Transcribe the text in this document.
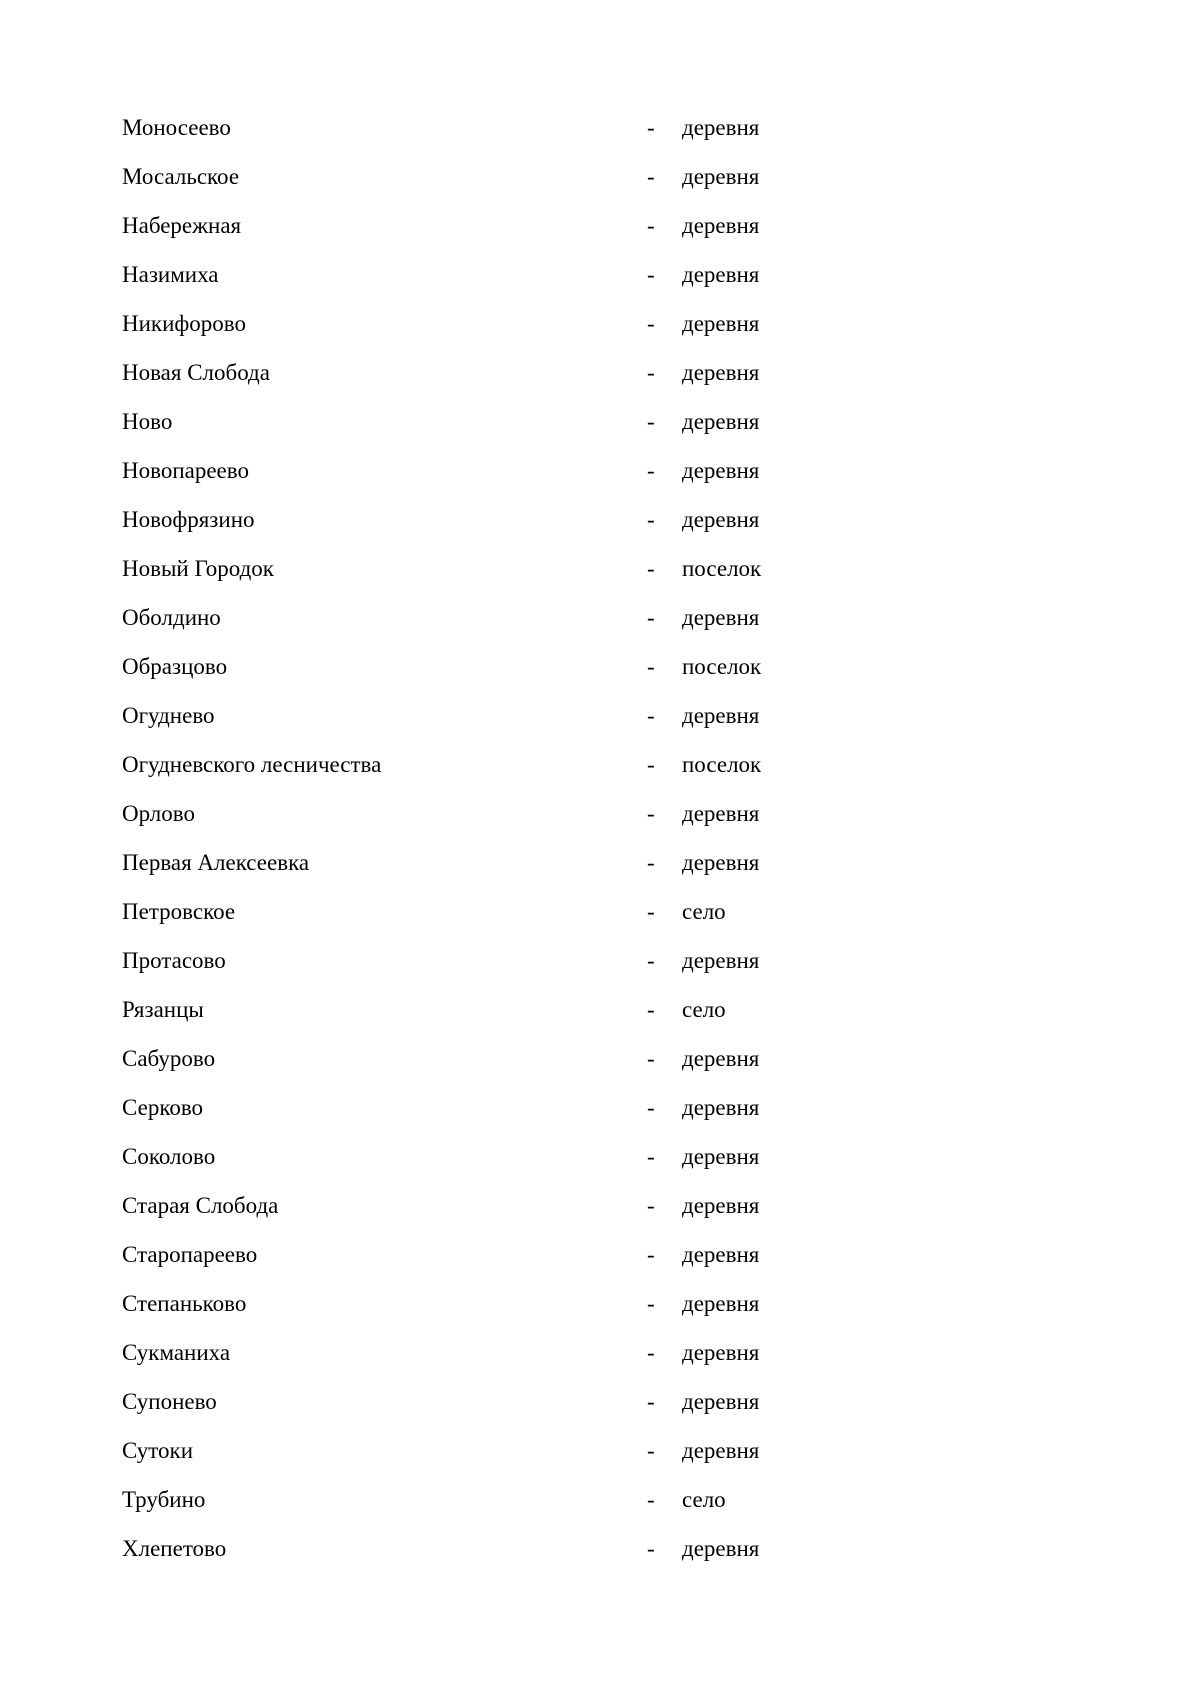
Моносеево	- деревня
Мосальское	- деревня
Набережная	- деревня
Назимиха	- деревня
Никифорово	- деревня
Новая Слобода	- деревня
Ново	- деревня
Новопареево	- деревня
Новофрязино	- деревня
Новый Городок	- поселок
Оболдино	- деревня
Образцово	- поселок
Огуднево	- деревня
Огудневского лесничества	- поселок
Орлово	- деревня
Первая Алексеевка	- деревня
Петровское	- село
Протасово	- деревня
Рязанцы	- село
Сабурово	- деревня
Серково	- деревня
Соколово	- деревня
Старая Слобода	- деревня
Старопареево	- деревня
Степаньково	- деревня
Сукманиха	- деревня
Супонево	- деревня
Сутоки	- деревня
Трубино	- село
Хлепетово	- деревня
